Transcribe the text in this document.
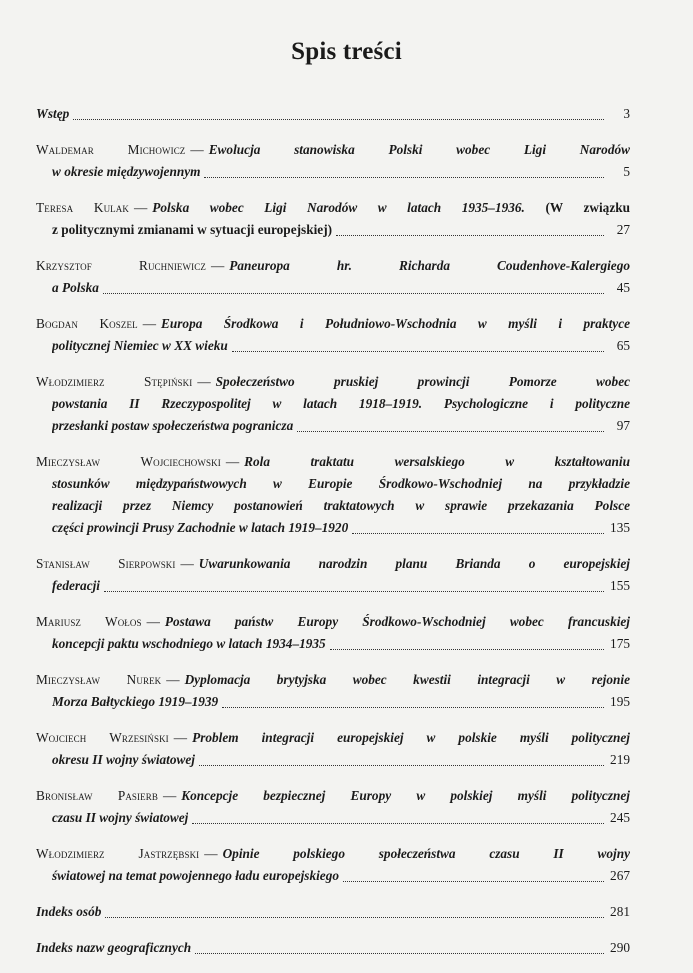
Spis treści
Wstęp	3
Waldemar Michowicz — Ewolucja stanowiska Polski wobec Ligi Narodów
w okresie międzywojennym	5
Teresa Kulak — Polska wobec Ligi Narodów w latach 1935–1936. (W związku
z politycznymi zmianami w sytuacji europejskiej)	27
Krzysztof Ruchniewicz — Paneuropa hr. Richarda Coudenhove-Kalergiego
a Polska	45
Bogdan Koszel — Europa Środkowa i Południowo-Wschodnia w myśli i praktyce
politycznej Niemiec w XX wieku	65
Włodzimierz Stępiński — Społeczeństwo pruskiej prowincji Pomorze wobec
powstania II Rzeczypospolitej w latach 1918–1919. Psychologiczne i polityczne
przesłanki postaw społeczeństwa pogranicza	97
Mieczysław Wojciechowski — Rola traktatu wersalskiego w kształtowaniu
stosunków międzypaństwowych w Europie Środkowo-Wschodniej na przykładzie
realizacji przez Niemcy postanowień traktatowych w sprawie przekazania Polsce
części prowincji Prusy Zachodnie w latach 1919–1920	135
Stanisław Sierpowski — Uwarunkowania narodzin planu Brianda o europejskiej
federacji	155
Mariusz Wołos — Postawa państw Europy Środkowo-Wschodniej wobec francuskiej
koncepcji paktu wschodniego w latach 1934–1935	175
Mieczysław Nurek — Dyplomacja brytyjska wobec kwestii integracji w rejonie
Morza Bałtyckiego 1919–1939	195
Wojciech Wrzesiński — Problem integracji europejskiej w polskie myśli politycznej
okresu II wojny światowej	219
Bronisław Pasierb — Koncepcje bezpiecznej Europy w polskiej myśli politycznej
czasu II wojny światowej	245
Włodzimierz Jastrzębski — Opinie polskiego społeczeństwa czasu II wojny
światowej na temat powojennego ładu europejskiego	267
Indeks osób	281
Indeks nazw geograficznych	290
